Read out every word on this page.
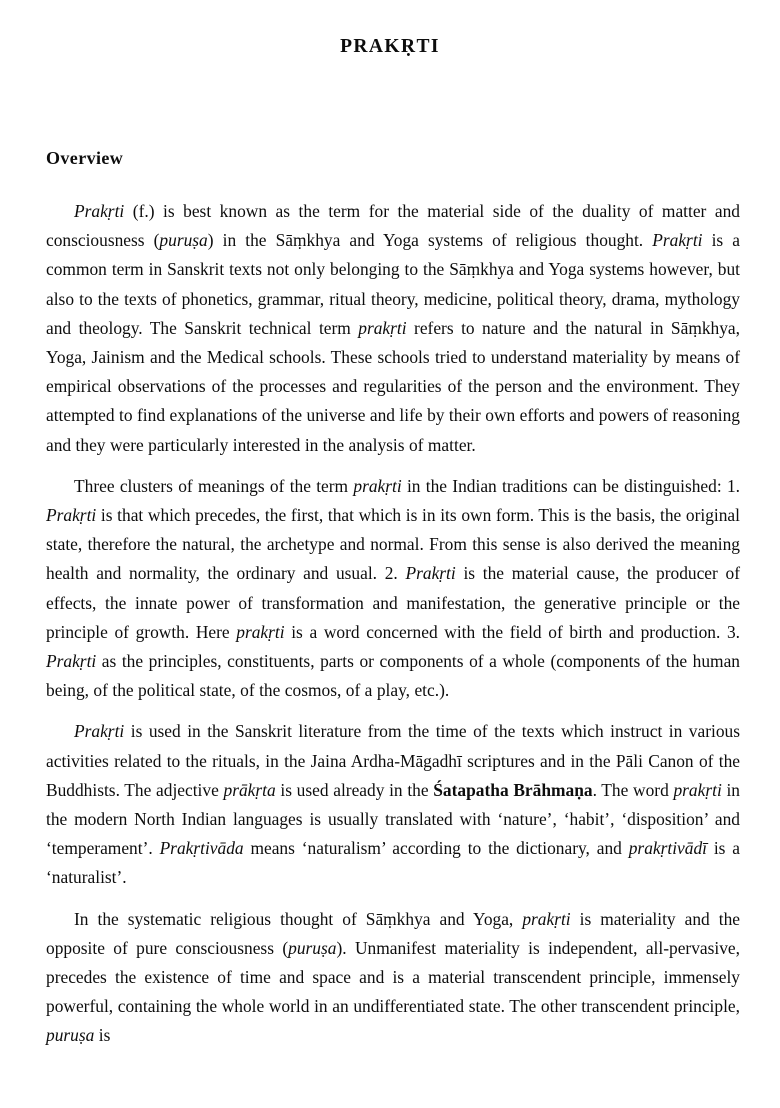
PRAKṚTI
Overview

Prakṛti (f.) is best known as the term for the material side of the duality of matter and consciousness (puruṣa) in the Sāṃkhya and Yoga systems of religious thought. Prakṛti is a common term in Sanskrit texts not only belonging to the Sāṃkhya and Yoga systems however, but also to the texts of phonetics, grammar, ritual theory, medicine, political theory, drama, mythology and theology. The Sanskrit technical term prakṛti refers to nature and the natural in Sāṃkhya, Yoga, Jainism and the Medical schools. These schools tried to understand materiality by means of empirical observations of the processes and regularities of the person and the environment. They attempted to find explanations of the universe and life by their own efforts and powers of reasoning and they were particularly interested in the analysis of matter.

Three clusters of meanings of the term prakṛti in the Indian traditions can be distinguished: 1. Prakṛti is that which precedes, the first, that which is in its own form. This is the basis, the original state, therefore the natural, the archetype and normal. From this sense is also derived the meaning health and normality, the ordinary and usual. 2. Prakṛti is the material cause, the producer of effects, the innate power of transformation and manifestation, the generative principle or the principle of growth. Here prakṛti is a word concerned with the field of birth and production. 3. Prakṛti as the principles, constituents, parts or components of a whole (components of the human being, of the political state, of the cosmos, of a play, etc.).

Prakṛti is used in the Sanskrit literature from the time of the texts which instruct in various activities related to the rituals, in the Jaina Ardha-Māgadhī scriptures and in the Pāli Canon of the Buddhists. The adjective prākṛta is used already in the Śatapatha Brāhmaṇa. The word prakṛti in the modern North Indian languages is usually translated with ‘nature’, ‘habit’, ‘disposition’ and ‘temperament’. Prakṛtivāda means ‘naturalism’ according to the dictionary, and prakṛtivādī is a ‘naturalist’.

In the systematic religious thought of Sāṃkhya and Yoga, prakṛti is materiality and the opposite of pure consciousness (puruṣa). Unmanifest materiality is independent, all-pervasive, precedes the existence of time and space and is a material transcendent principle, immensely powerful, containing the whole world in an undifferentiated state. The other transcendent principle, puruṣa is
